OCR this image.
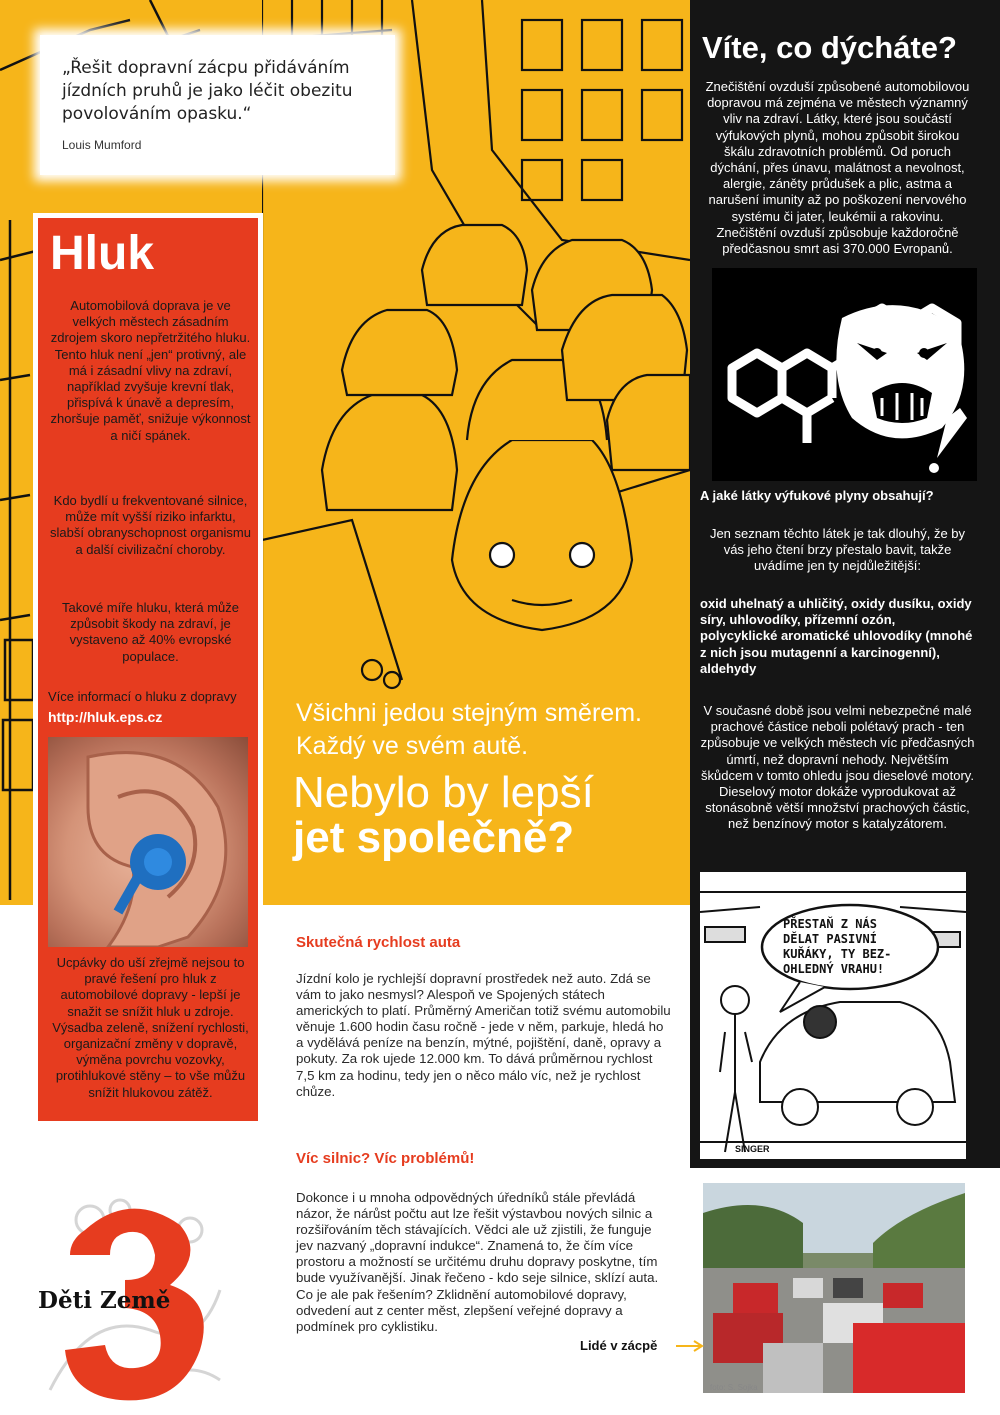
„Řešit dopravní zácpu přidáváním jízdních pruhů je jako léčit obezitu povolováním opasku.“
Louis Mumford
Hluk
Automobilová doprava je ve velkých městech zásadním zdrojem skoro nepřetržitého hluku. Tento hluk není „jen“ protivný, ale má i zásadní vlivy na zdraví, například zvyšuje krevní tlak, přispívá k únavě a depresím, zhoršuje paměť, snižuje výkonnost a ničí spánek.
Kdo bydlí u frekventované silnice, může mít vyšší riziko infarktu, slabší obranyschopnost organismu a další civilizační choroby.
Takové míře hluku, která může způsobit škody na zdraví, je vystaveno až 40% evropské populace.
Více informací o hluku z dopravy
http://hluk.eps.cz
Ucpávky do uší zřejmě nejsou to pravé řešení pro hluk z automobilové dopravy - lepší je snažit se snížit hluk u zdroje. Výsadba zeleně, snížení rychlosti, organizační změny v dopravě, výměna povrchu vozovky, protihlukové stěny – to vše můžu snížit hlukovou zátěž.
Všichni jedou stejným směrem.
Každý ve svém autě.
Nebylo by lepší
jet společně?
Děti Země
Skutečná rychlost auta
Jízdní kolo je rychlejší dopravní prostředek než auto. Zdá se vám to jako nesmysl? Alespoň ve Spojených státech amerických to platí. Průměrný Američan totiž svému automobilu věnuje 1.600 hodin času ročně - jede v něm, parkuje, hledá ho a vydělává peníze na benzín, mýtné, pojištění, daně, opravy a pokuty. Za rok ujede 12.000 km. To dává průměrnou rychlost 7,5 km za hodinu, tedy jen o něco málo víc, než je rychlost chůze.
Víc silnic? Víc problémů!
Dokonce i u mnoha odpovědných úředníků stále převládá názor, že nárůst počtu aut lze řešit výstavbou nových silnic a rozšiřováním těch stávajících. Vědci ale už zjistili, že funguje jev nazvaný „dopravní indukce“. Znamená to, že čím více prostoru a možností se určitému druhu dopravy poskytne, tím bude využívanější. Jinak řečeno - kdo seje silnice, sklízí auta. Co je ale pak řešením? Zklidnění automobilové dopravy, odvedení aut z center měst, zlepšení veřejné dopravy a podmínek pro cyklistiku.
Víte, co dýcháte?
Znečištění ovzduší způsobené automobilovou dopravou má zejména ve městech významný vliv na zdraví. Látky, které jsou součástí výfukových plynů, mohou způsobit širokou škálu zdravotních problémů. Od poruch dýchání, přes únavu, malátnost a nevolnost, alergie, záněty průdušek a plic, astma a narušení imunity až po poškození nervového systému či jater, leukémii a rakovinu. Znečištění ovzduší způsobuje každoročně předčasnou smrt asi 370.000 Evropanů.
A jaké látky výfukové plyny obsahují?
Jen seznam těchto látek je tak dlouhý, že by vás jeho čtení brzy přestalo bavit, takže uvádíme jen ty nejdůležitější:
oxid uhelnatý a uhličitý, oxidy dusíku, oxidy síry, uhlovodíky, přízemní ozón, polycyklické aromatické uhlovodíky (mnohé z nich jsou mutagenní a karcinogenní), aldehydy
V současné době jsou velmi nebezpečné malé prachové částice neboli polétavý prach - ten způsobuje ve velkých městech víc předčasných úmrtí, než dopravní nehody. Největším škůdcem v tomto ohledu jsou dieselové motory. Dieselový motor dokáže vyprodukovat až stonásobně větší množství prachových částic, než benzínový motor s katalyzátorem.
PŘESTAŇ Z NÁS
DĚLAT PASIVNÍ
KUŘÁKY, TY BEZ-
OHLEDNÝ VRAHU!
SINGER
Lidé v zácpě
foto: S. Sojka
